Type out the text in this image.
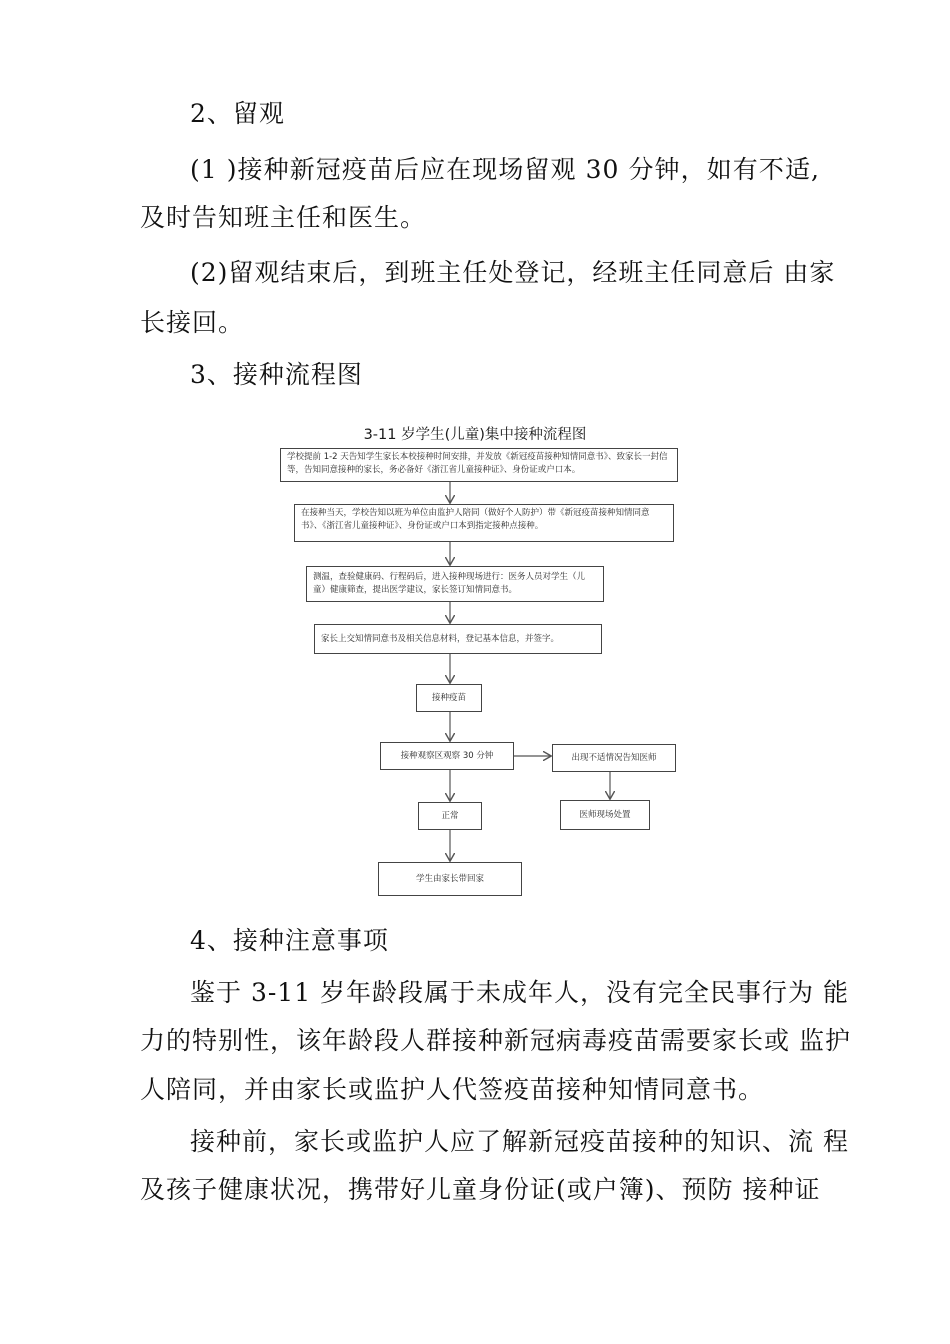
2、留观
(1 )接种新冠疫苗后应在现场留观 30 分钟，如有不适,
及时告知班主任和医生。
(2)留观结束后，到班主任处登记，经班主任同意后 由家
长接回。
3、接种流程图
3-11 岁学生(儿童)集中接种流程图
学校提前 1-2 天告知学生家长本校接种时间安排，并发放《新冠疫苗接种知情同意书》、致家长一封信等，告知同意接种的家长，务必备好《浙江省儿童接种证》、身份证或户口本。
在接种当天，学校告知以班为单位由监护人陪同（做好个人防护）带《新冠疫苗接种知情同意书》、《浙江省儿童接种证》、身份证或户口本到指定接种点接种。
测温，查验健康码、行程码后，进入接种现场进行：医务人员对学生（儿童）健康筛查，提出医学建议，家长签订知情同意书。
家长上交知情同意书及相关信息材料，登记基本信息，并签字。
接种疫苗
接种观察区观察 30 分钟	出现不适情况告知医师
正常	医师现场处置
学生由家长带回家
4、接种注意事项
鉴于 3-11 岁年龄段属于未成年人，没有完全民事行为 能
力的特别性，该年龄段人群接种新冠病毒疫苗需要家长或 监护
人陪同，并由家长或监护人代签疫苗接种知情同意书。
接种前，家长或监护人应了解新冠疫苗接种的知识、流 程
及孩子健康状况，携带好儿童身份证(或户簿)、预防 接种证
